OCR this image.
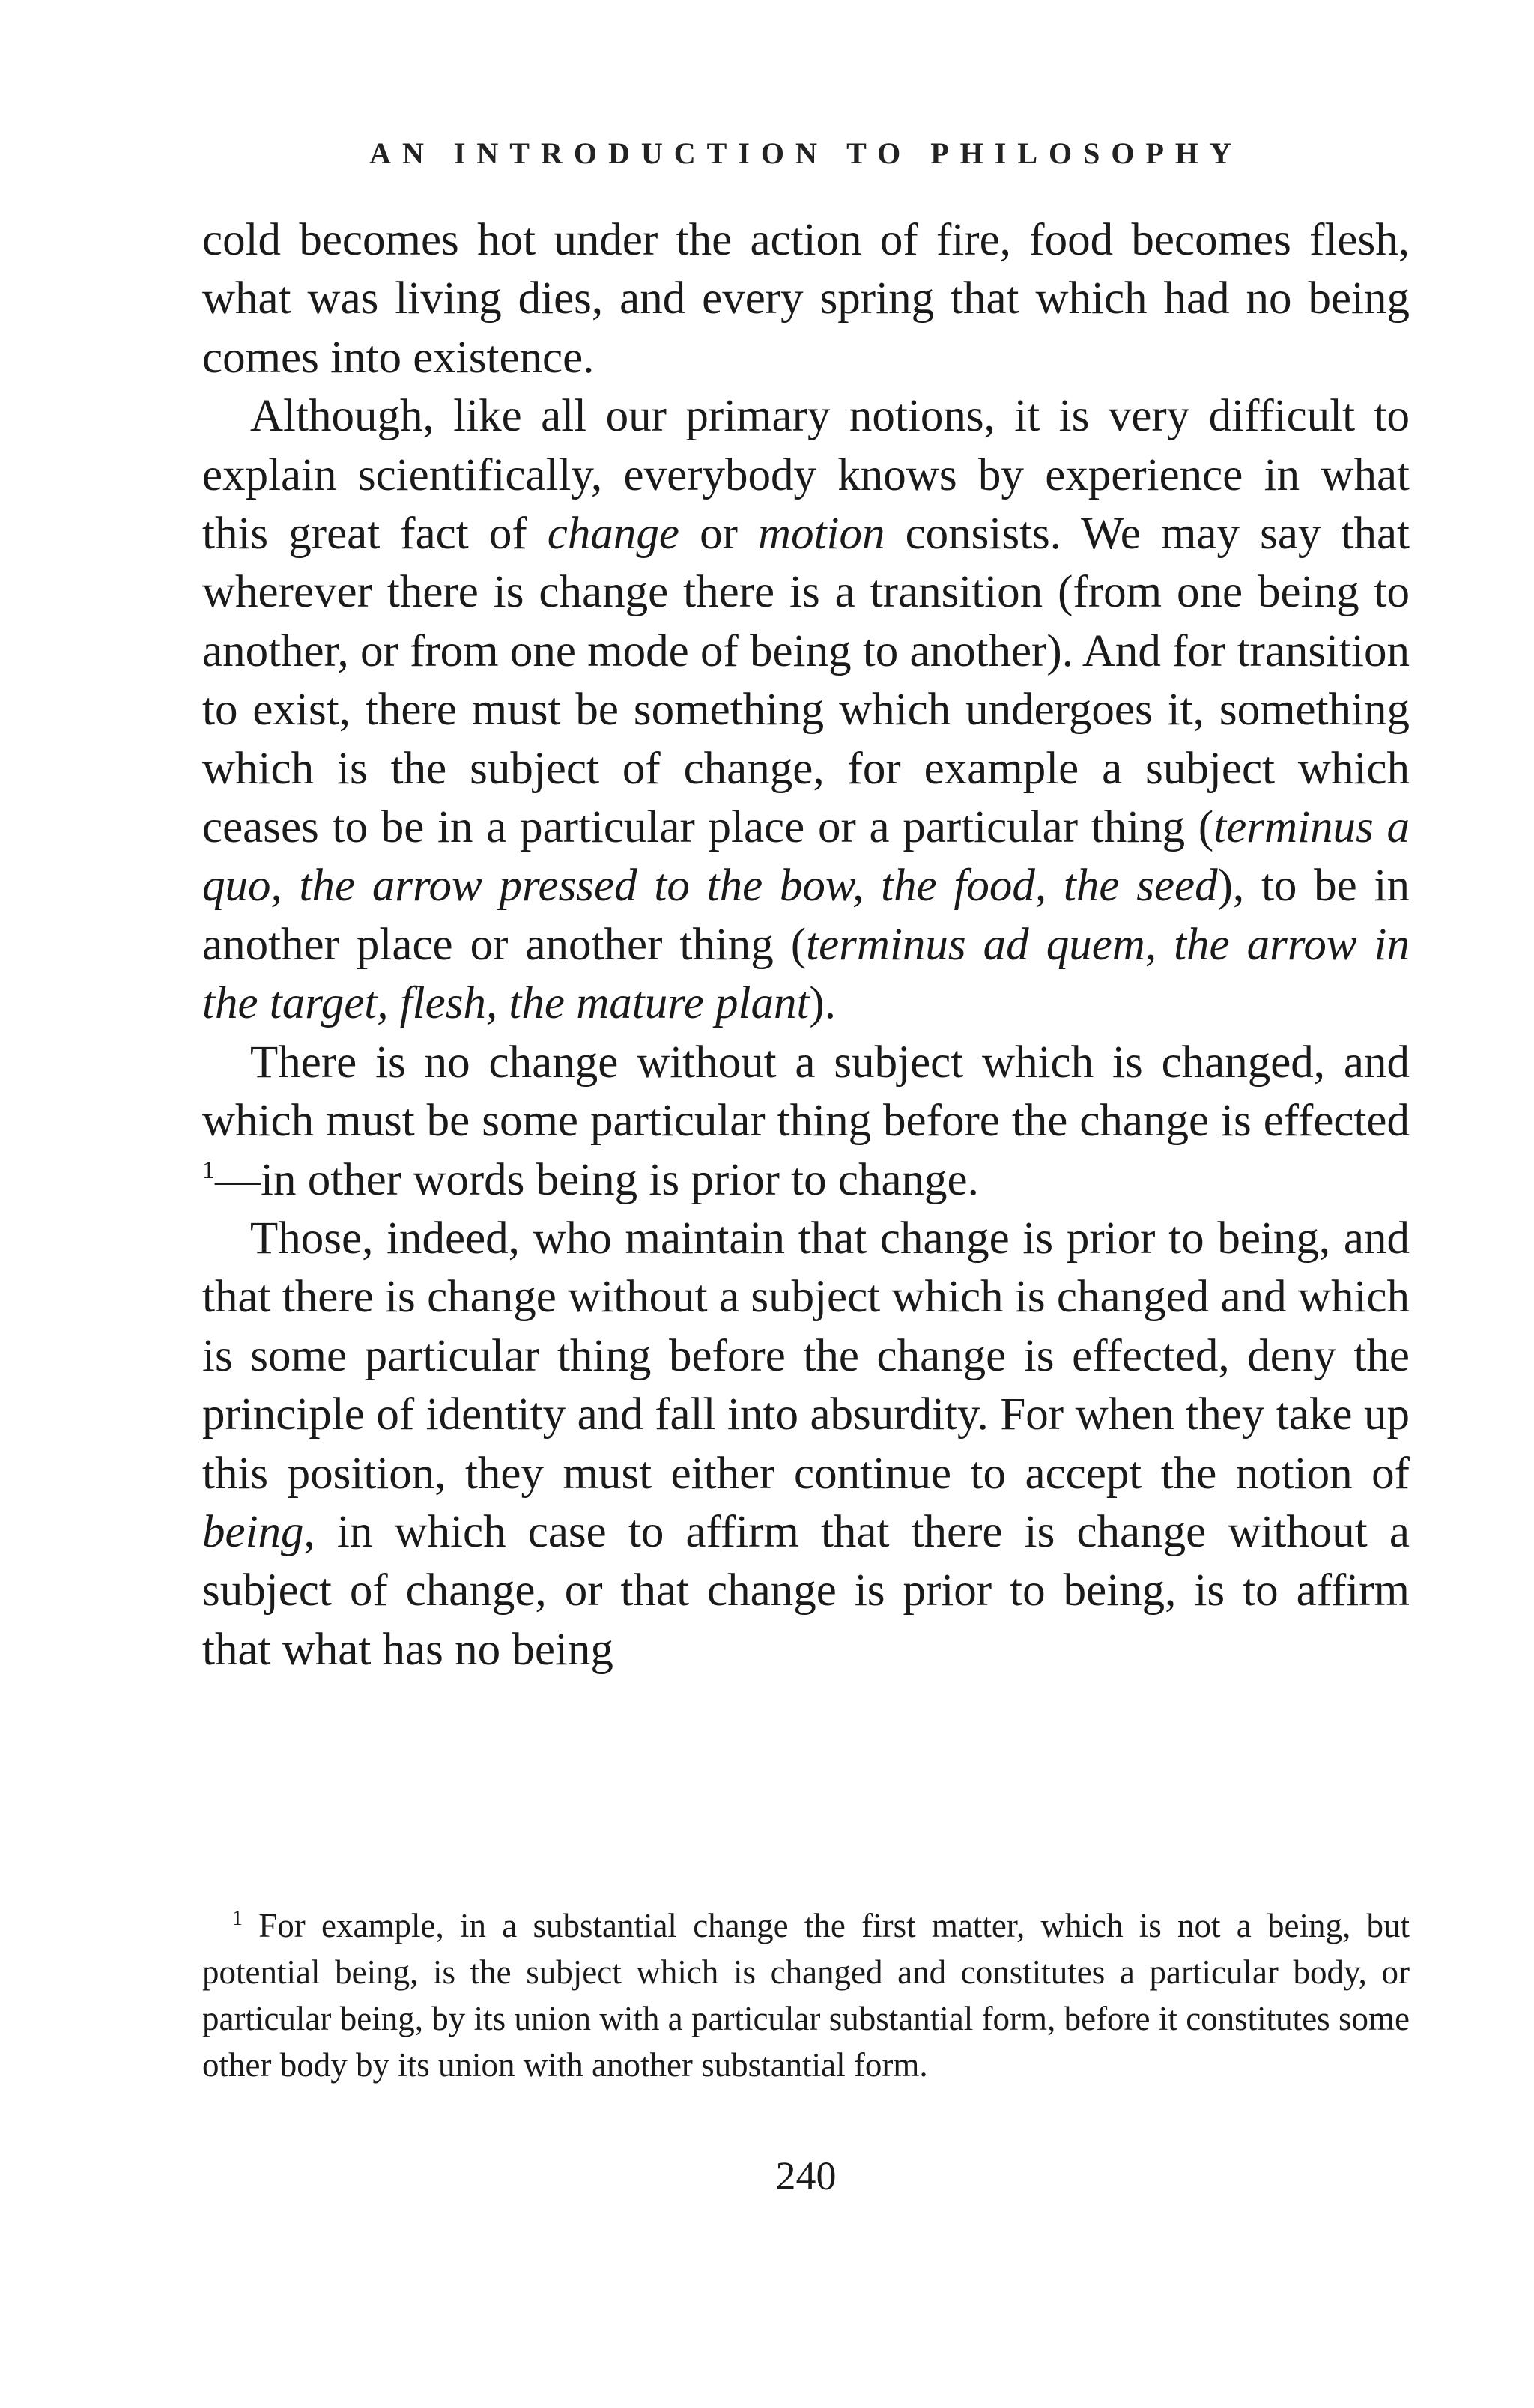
AN INTRODUCTION TO PHILOSOPHY

cold becomes hot under the action of fire, food becomes flesh, what was living dies, and every spring that which had no being comes into existence.

Although, like all our primary notions, it is very difficult to explain scientifically, everybody knows by experience in what this great fact of change or motion consists. We may say that wherever there is change there is a transition (from one being to another, or from one mode of being to another). And for transition to exist, there must be something which undergoes it, something which is the subject of change, for example a subject which ceases to be in a particular place or a particular thing (terminus a quo, the arrow pressed to the bow, the food, the seed), to be in another place or another thing (terminus ad quem, the arrow in the target, flesh, the mature plant).

There is no change without a subject which is changed, and which must be some particular thing before the change is effected $^1$—in other words being is prior to change.

Those, indeed, who maintain that change is prior to being, and that there is change without a subject which is changed and which is some particular thing before the change is effected, deny the principle of identity and fall into absurdity. For when they take up this position, they must either continue to accept the notion of being, in which case to affirm that there is change without a subject of change, or that change is prior to being, is to affirm that what has no being

$^1$ For example, in a substantial change the first matter, which is not a being, but potential being, is the subject which is changed and constitutes a particular body, or particular being, by its union with a particular substantial form, before it constitutes some other body by its union with another substantial form.

240
